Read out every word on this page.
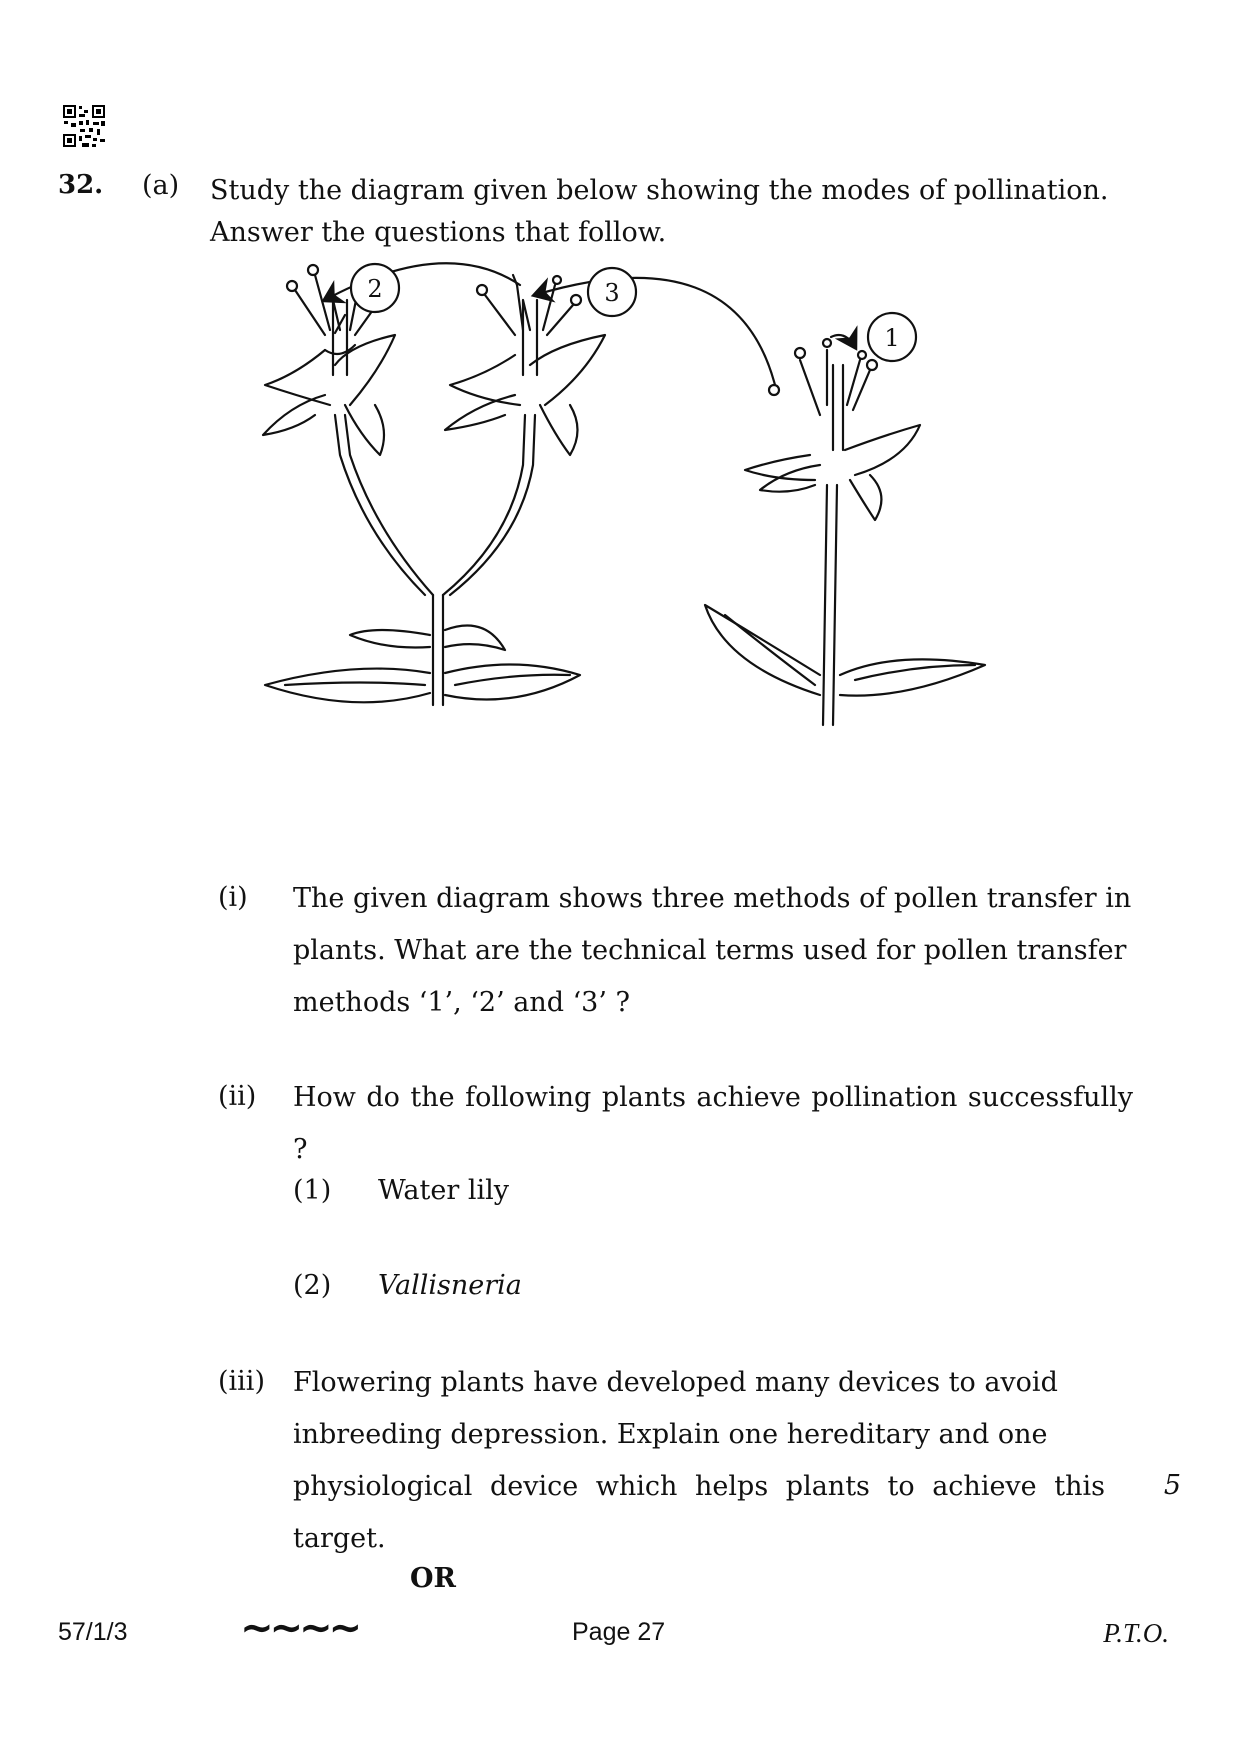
32. (a) Study the diagram given below showing the modes of pollination.
Answer the questions that follow.
2	3
1
(i) The given diagram shows three methods of pollen transfer in
plants. What are the technical terms used for pollen transfer
methods ‘1’, ‘2’ and ‘3’ ?
(ii) How do the following plants achieve pollination successfully ?
(1) Water lily
(2) Vallisneria
(iii) Flowering plants have developed many devices to avoid
inbreeding depression. Explain one hereditary and one
physiological device which helps plants to achieve this target.
5
OR
57/1/3	∼∼∼∼	Page 27	P.T.O.
